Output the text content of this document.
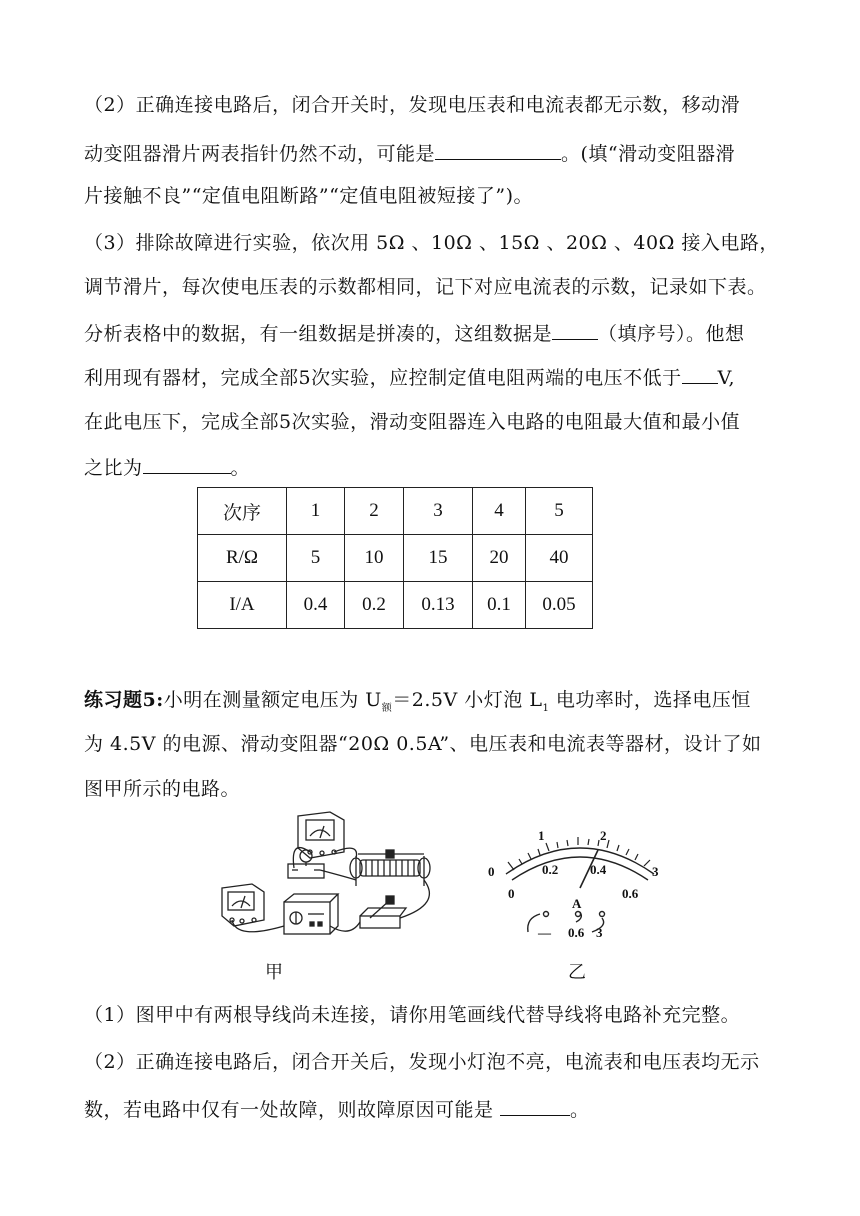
（2）正确连接电路后，闭合开关时，发现电压表和电流表都无示数，移动滑
动变阻器滑片两表指针仍然不动，可能是	。(填“滑动变阻器滑
片接触不良”“定值电阻断路”“定值电阻被短接了”)。
（3）排除故障进行实验，依次用 5Ω 、10Ω 、15Ω 、20Ω 、40Ω 接入电路，
调节滑片，每次使电压表的示数都相同，记下对应电流表的示数，记录如下表。
分析表格中的数据，有一组数据是拼凑的，这组数据是 （填序号）。他想
利用现有器材，完成全部5次实验，应控制定值电阻两端的电压不低于 V,
在此电压下，完成全部5次实验，滑动变阻器连入电路的电阻最大值和最小值
之比为	。
次序	1	2	3	4	5
R/Ω	5	10	15	20	40
I/A	0.4	0.2	0.13	0.1	0.05
练习题5:小明在测量额定电压为 $U_额=2.5V$ 小灯泡 $L_1$ 电功率时，选择电压恒
为 4.5V 的电源、滑动变阻器“20Ω 0.5A”、电压表和电流表等器材，设计了如
图甲所示的电路。
甲
0
1	2
3
0
0.2 0.4
0.6
A
— 0.6 3
乙
（1）图甲中有两根导线尚未连接，请你用笔画线代替导线将电路补充完整。
（2）正确连接电路后，闭合开关后，发现小灯泡不亮，电流表和电压表均无示
数，若电路中仅有一处故障，则故障原因可能是	。
